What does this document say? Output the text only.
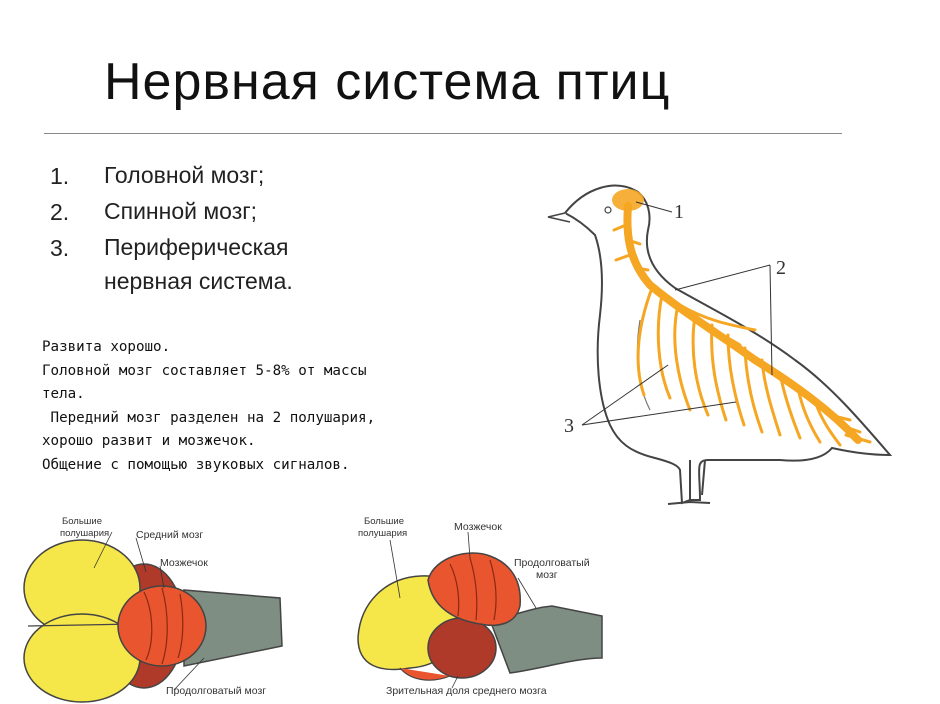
Нервная система птиц
1.	Головной мозг;
2.	Спинной мозг;
3.	Периферическая нервная система.
Развита хорошо.
Головной мозг составляет 5-8% от массы
тела.
Передний мозг разделен на 2 полушария,
хорошо развит и мозжечок.
Общение с помощью звуковых сигналов.
1
2
3
Большие
полушария	Средний мозг
Мозжечок
Продолговатый мозг
Большие
полушария
Мозжечок
Продолговатый
мозг
Зрительная доля среднего мозга
